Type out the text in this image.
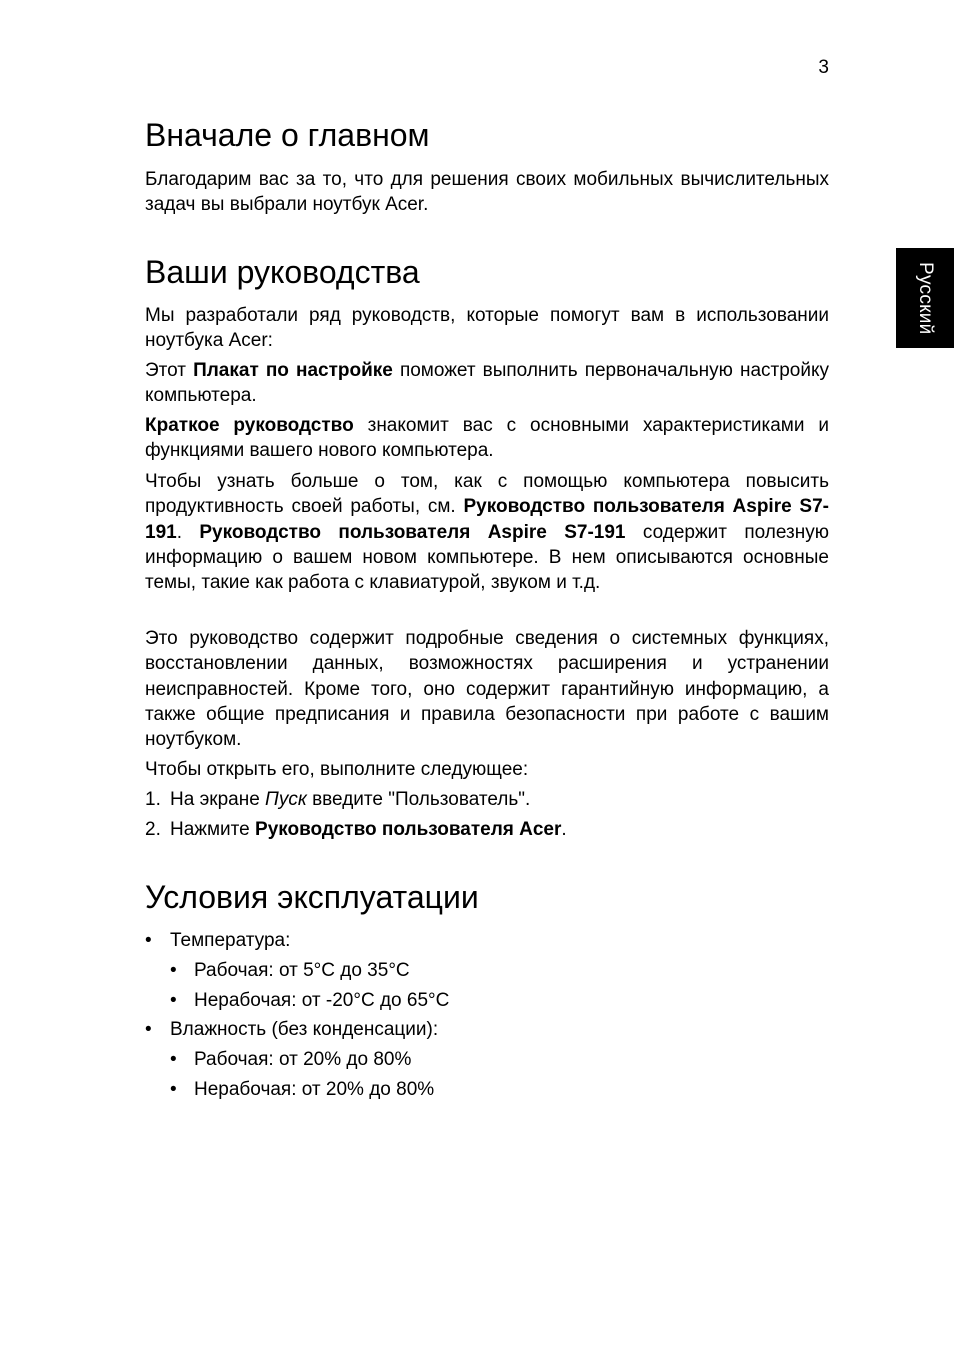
3
Русский
Вначале о главном

Благодарим вас за то, что для решения своих мобильных вычислительных задач вы выбрали ноутбук Acer.

Ваши руководства

Мы разработали ряд руководств, которые помогут вам в использовании ноутбука Acer:

Этот Плакат по настройке поможет выполнить первоначальную настройку компьютера.

Краткое руководство знакомит вас с основными характеристиками и функциями вашего нового компьютера.

Чтобы узнать больше о том, как с помощью компьютера повысить продуктивность своей работы, см. Руководство пользователя Aspire S7-191. Руководство пользователя Aspire S7-191 содержит полезную информацию о вашем новом компьютере. В нем описываются основные темы, такие как работа с клавиатурой, звуком и т.д.

Это руководство содержит подробные сведения о системных функциях, восстановлении данных, возможностях расширения и устранении неисправностей. Кроме того, оно содержит гарантийную информацию, а также общие предписания и правила безопасности при работе с вашим ноутбуком.

Чтобы открыть его, выполните следующее:
1. На экране Пуск введите "Пользователь".
2. Нажмите Руководство пользователя Acer.
Условия эксплуатации
• Температура:
• Рабочая: от 5°C до 35°C
• Нерабочая: от -20°C до 65°C
• Влажность (без конденсации):
• Рабочая: от 20% до 80%
• Нерабочая: от 20% до 80%
